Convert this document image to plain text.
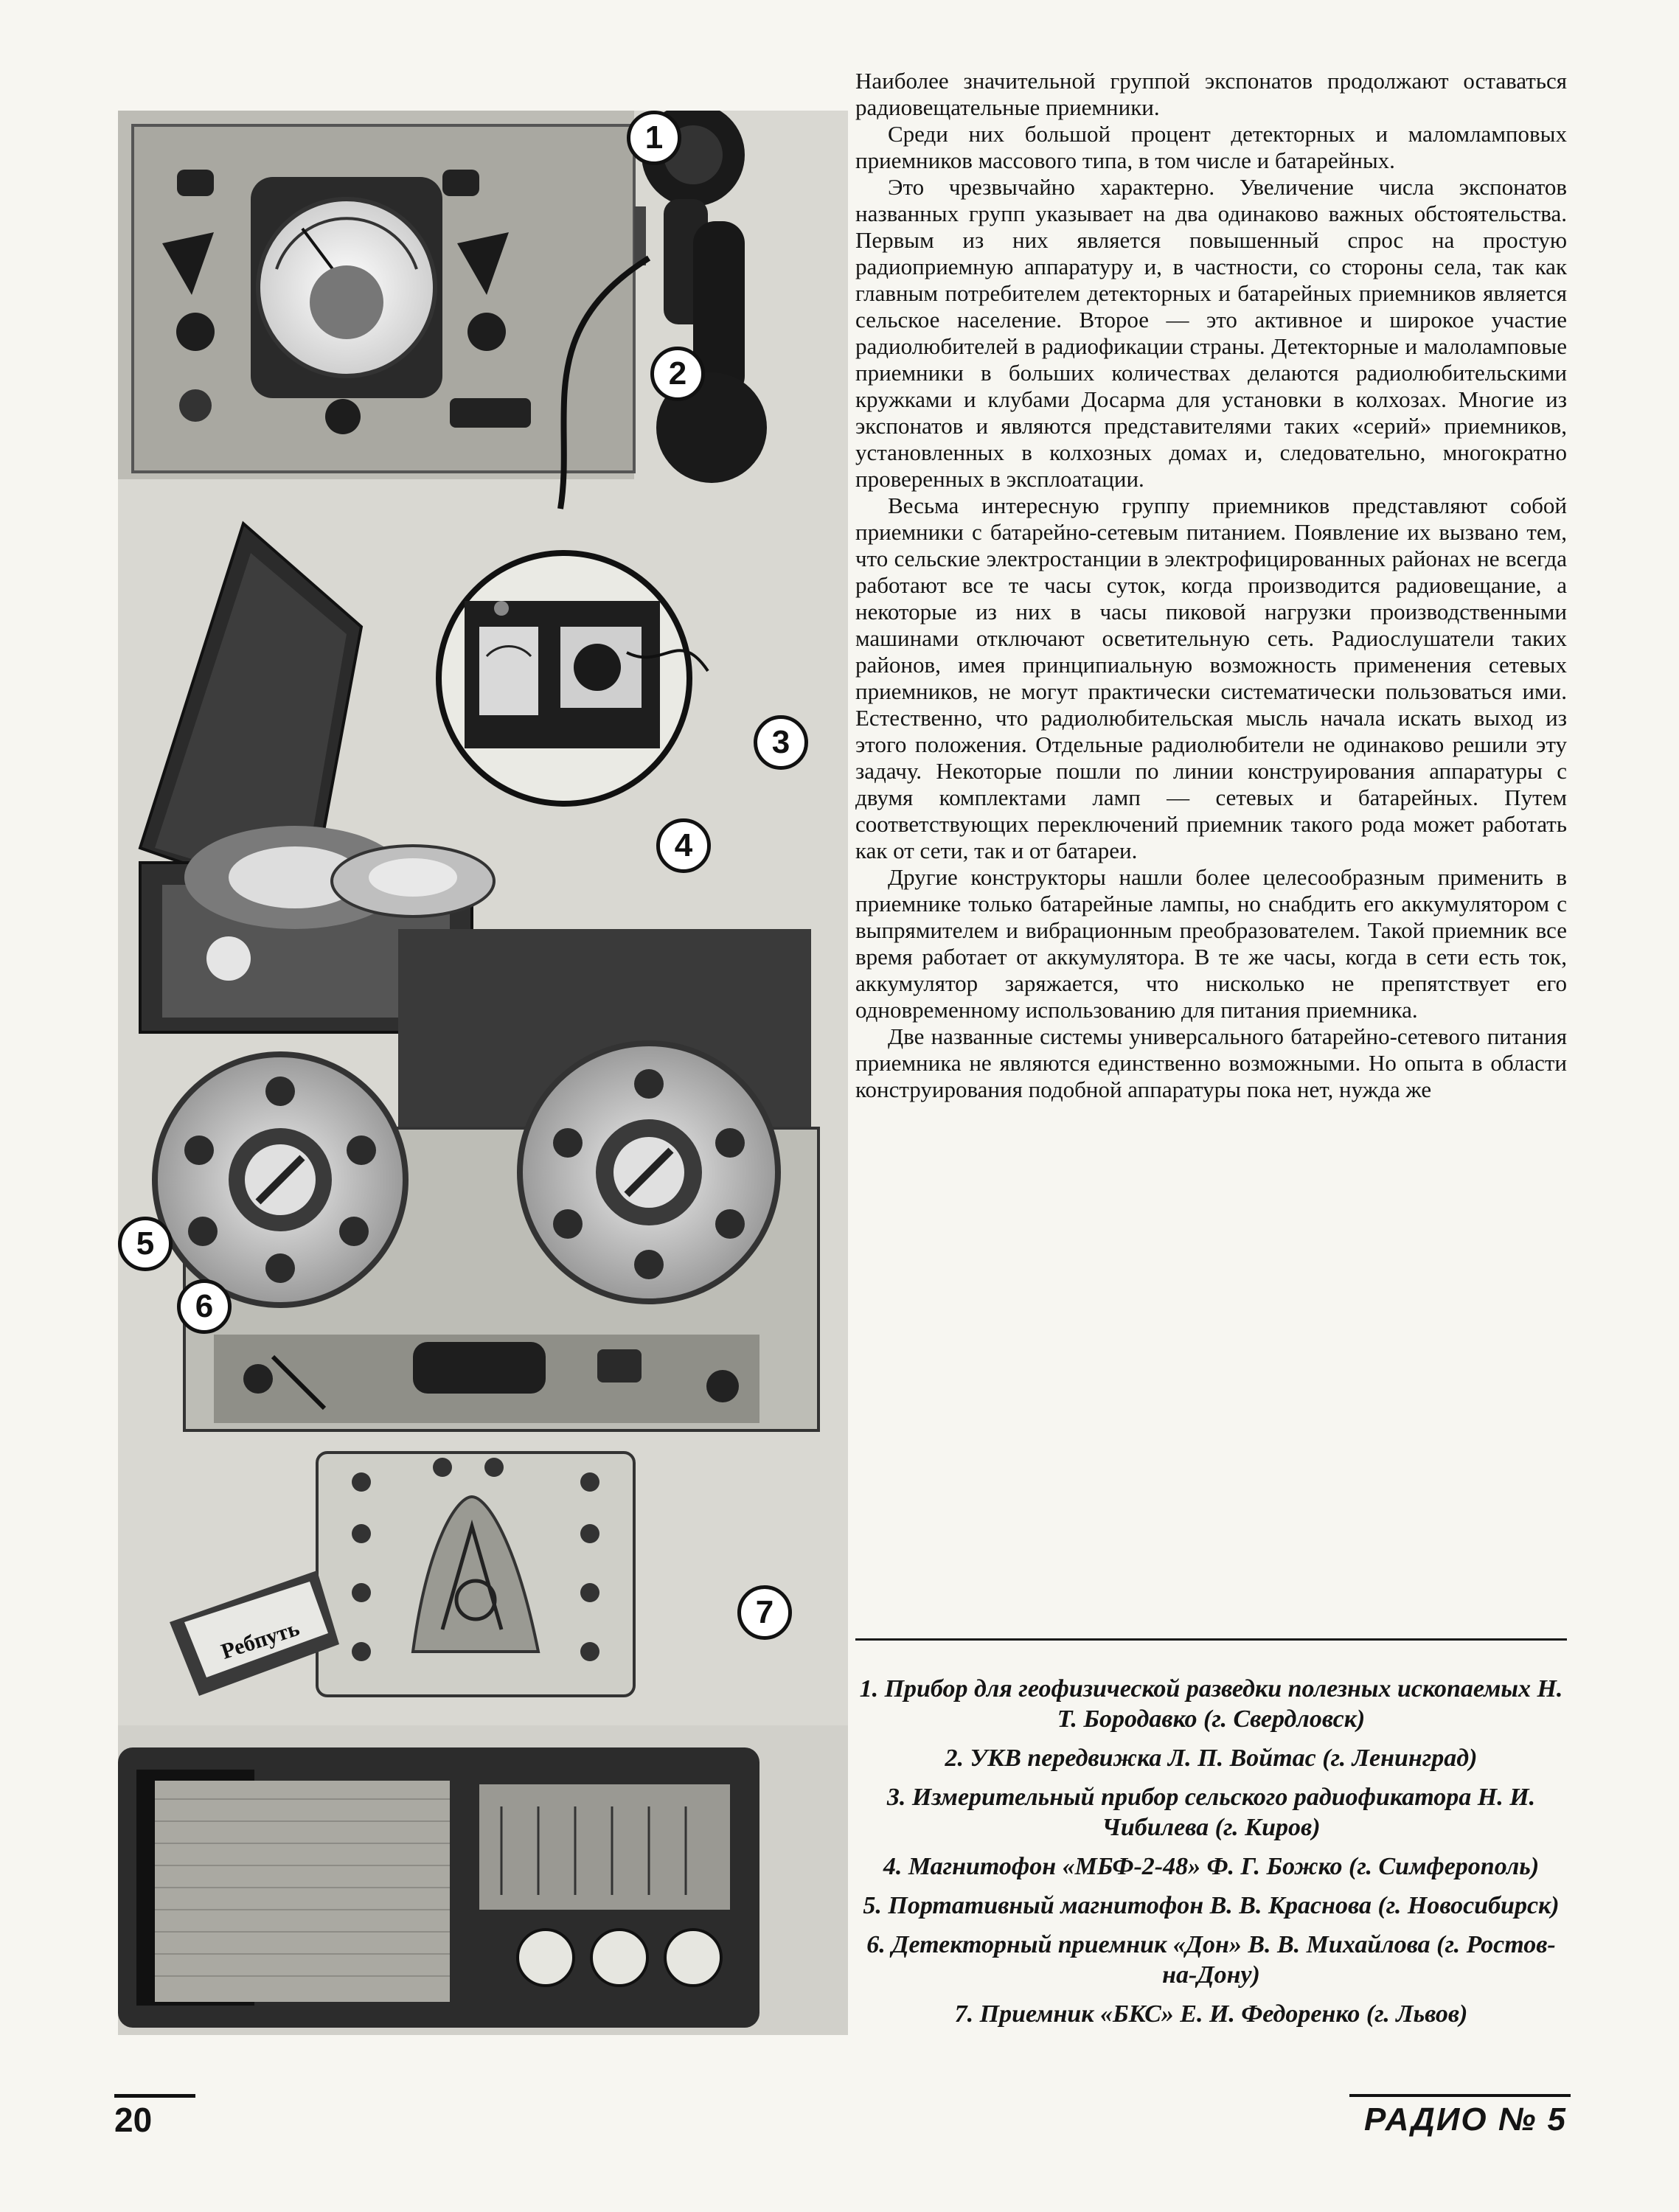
Ребпуть
1
2
3
4
5
6
7

Наиболее значительной группой экспонатов продолжают оставаться радиовещательные приемники.

Среди них большой процент детекторных и маломламповых приемников массового типа, в том числе и батарейных.

Это чрезвычайно характерно. Увеличение числа экспонатов названных групп указывает на два одинаково важных обстоятельства. Первым из них является повышенный спрос на простую радиоприемную аппаратуру и, в частности, со стороны села, так как главным потребителем детекторных и батарейных приемников является сельское население. Второе — это активное и широкое участие радиолюбителей в радиофикации страны. Детекторные и малоламповые приемники в больших количествах делаются радиолюбительскими кружками и клубами Досарма для установки в колхозах. Многие из экспонатов и являются представителями таких «серий» приемников, установленных в колхозных домах и, следовательно, многократно проверенных в эксплоатации.

Весьма интересную группу приемников представляют собой приемники с батарейно-сетевым питанием. Появление их вызвано тем, что сельские электростанции в электрофицированных районах не всегда работают все те часы суток, когда производится радиовещание, а некоторые из них в часы пиковой нагрузки производственными машинами отключают осветительную сеть. Радиослушатели таких районов, имея принципиальную возможность применения сетевых приемников, не могут практически систематически пользоваться ими. Естественно, что радиолюбительская мысль начала искать выход из этого положения. Отдельные радиолюбители не одинаково решили эту задачу. Некоторые пошли по линии конструирования аппаратуры с двумя комплектами ламп — сетевых и батарейных. Путем соответствующих переключений приемник такого рода может работать как от сети, так и от батареи.

Другие конструкторы нашли более целесообразным применить в приемнике только батарейные лампы, но снабдить его аккумулятором с выпрямителем и вибрационным преобразователем. Такой приемник все время работает от аккумулятора. В те же часы, когда в сети есть ток, аккумулятор заряжается, что нисколько не препятствует его одновременному использованию для питания приемника.

Две названные системы универсального батарейно-сетевого питания приемника не являются единственно возможными. Но опыта в области конструирования подобной аппаратуры пока нет, нужда же

1. Прибор для геофизической разведки полезных ископаемых Н. Т. Бородавко (г. Свердловск)

2. УКВ передвижка Л. П. Войтас (г. Ленинград)

3. Измерительный прибор сельского радиофикатора Н. И. Чибилева (г. Киров)

4. Магнитофон «МБФ-2-48» Ф. Г. Божко (г. Симферополь)

5. Портативный магнитофон В. В. Краснова (г. Новосибирск)

6. Детекторный приемник «Дон» В. В. Михайлова (г. Ростов-на-Дону)

7. Приемник «БКС» Е. И. Федоренко (г. Львов)

20	РАДИО № 5
